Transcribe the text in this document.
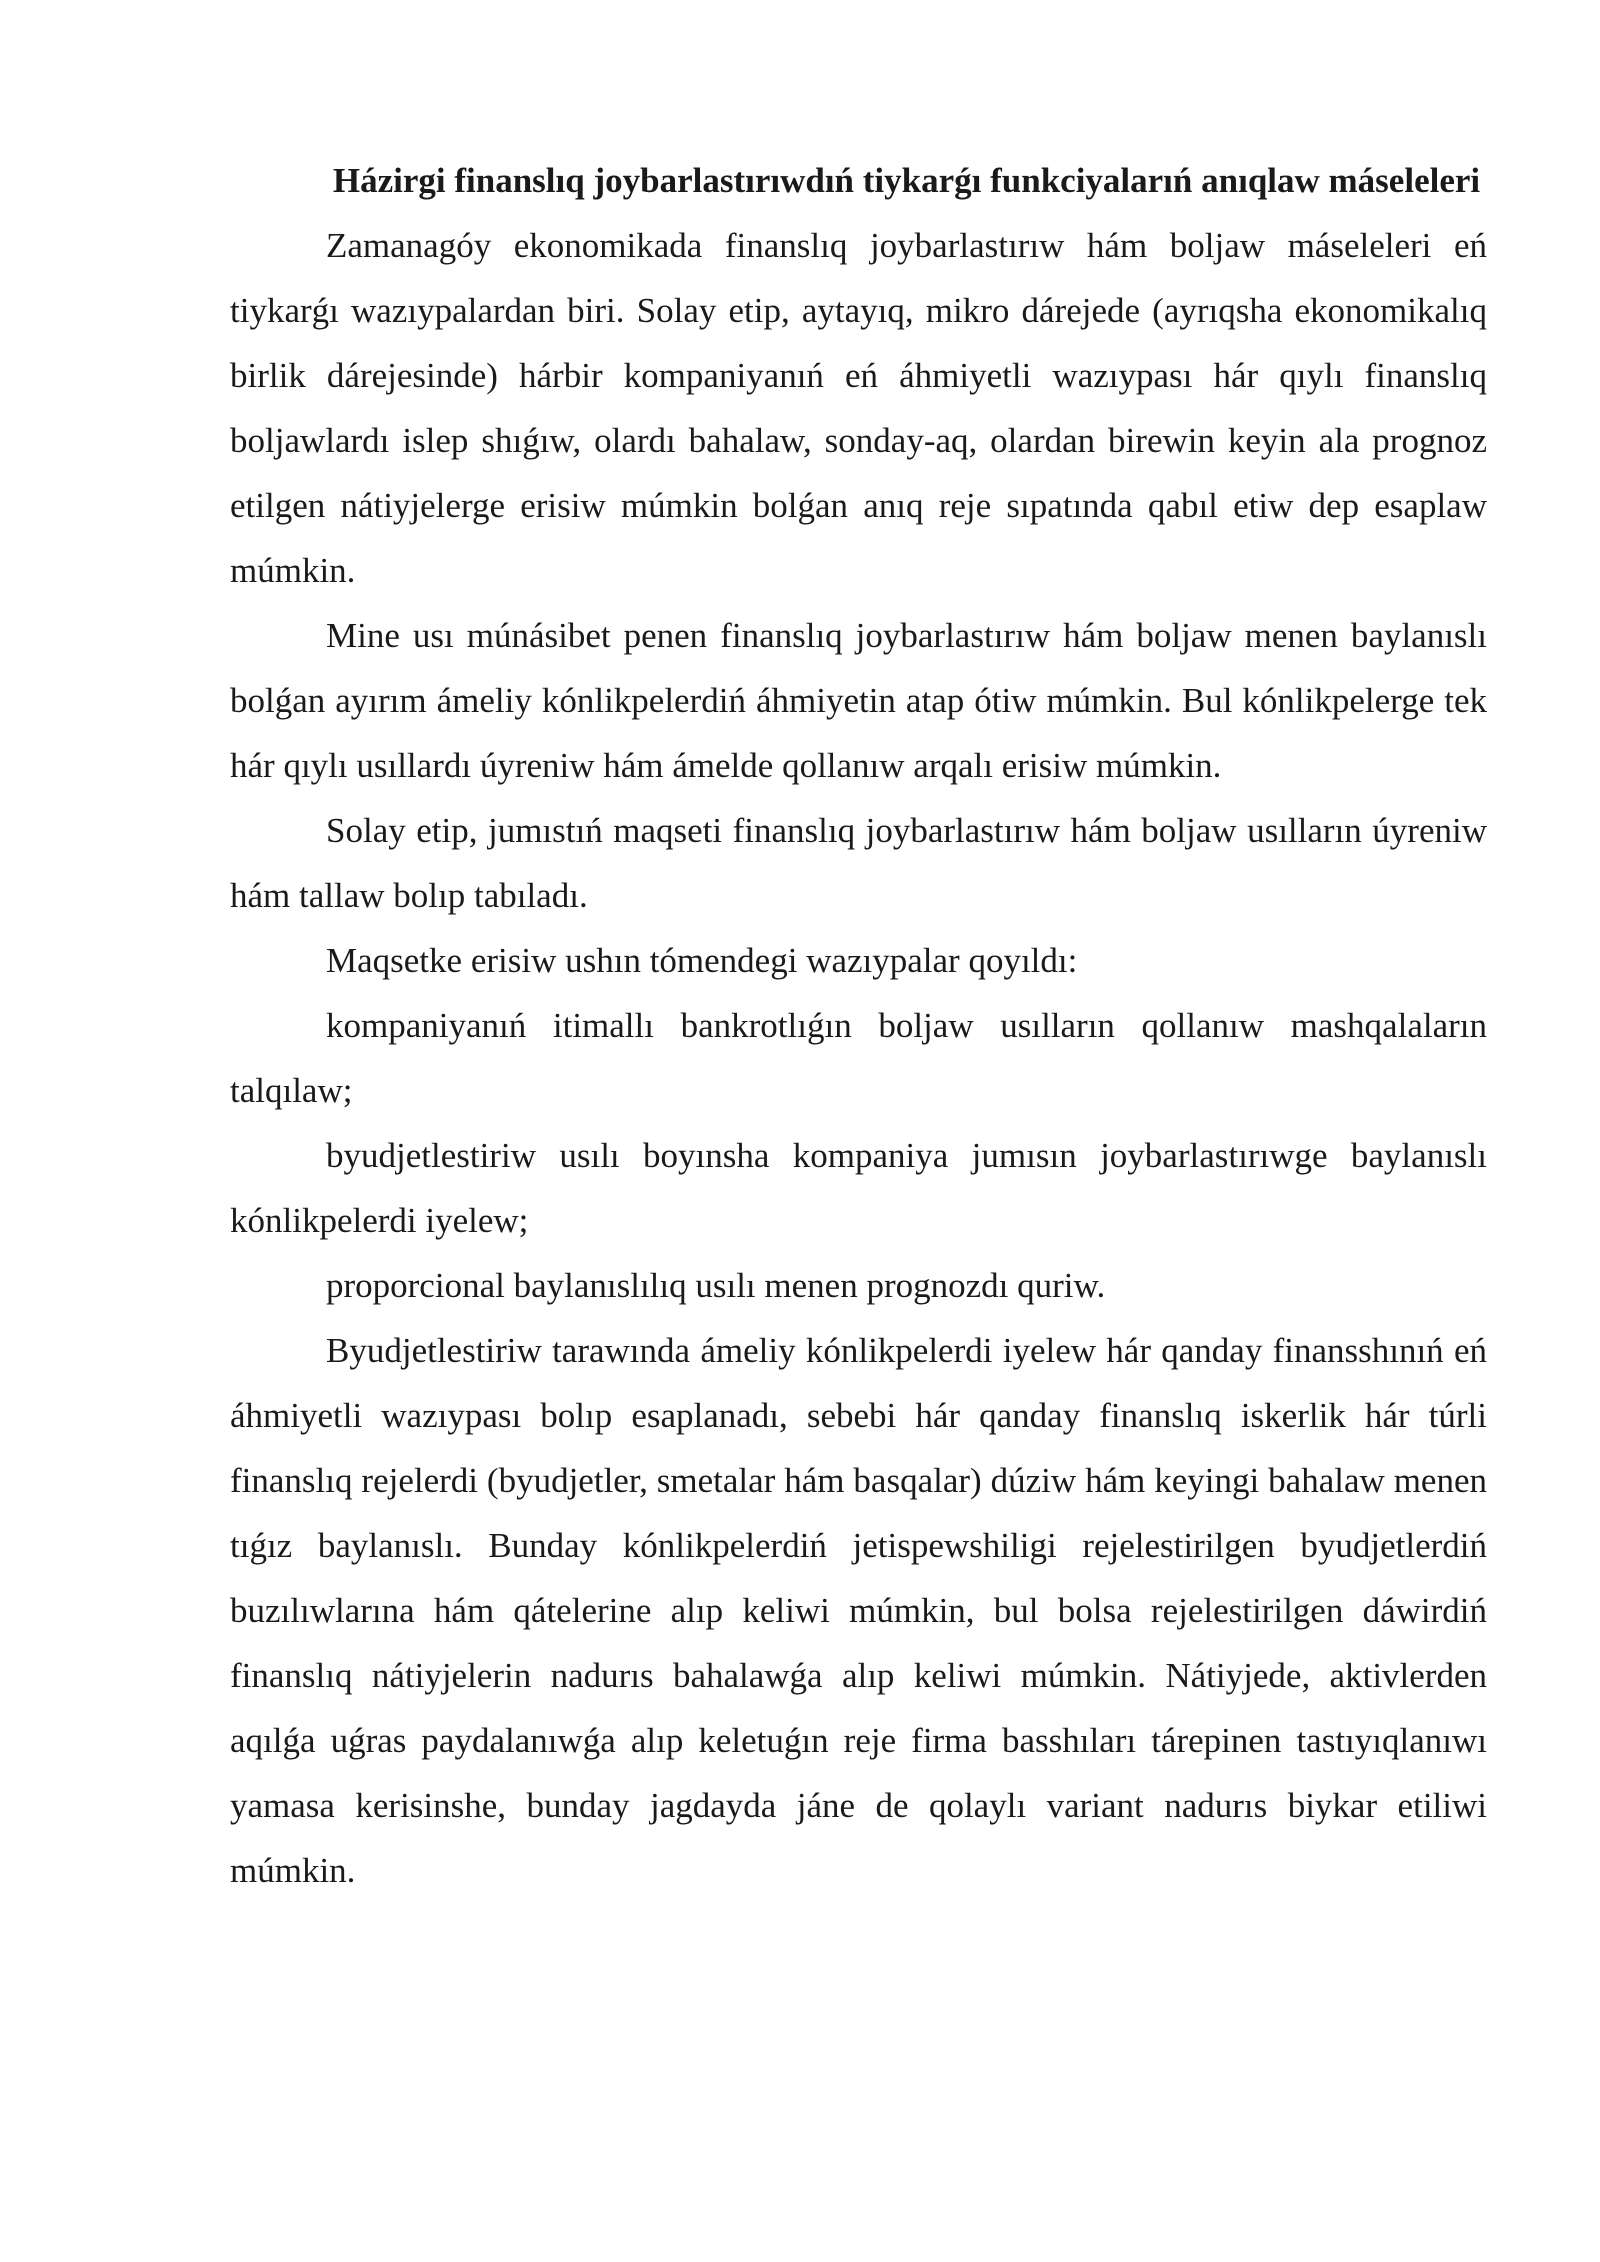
Házirgi finanslıq joybarlastırıwdıń tiykarǵı funkciyalarıń anıqlaw máseleleri

Zamanagóy ekonomikada finanslıq joybarlastırıw hám boljaw máseleleri eń tiykarǵı wazıypalardan biri. Solay etip, aytayıq, mikro dárejede (ayrıqsha ekonomikalıq birlik dárejesinde) hárbir kompaniyanıń eń áhmiyetli wazıypası hár qıylı finanslıq boljawlardı islep shıǵıw, olardı bahalaw, sonday-aq, olardan birewin keyin ala prognoz etilgen nátiyjelerge erisiw múmkin bolǵan anıq reje sıpatında qabıl etiw dep esaplaw múmkin.

Mine usı múnásibet penen finanslıq joybarlastırıw hám boljaw menen baylanıslı bolǵan ayırım ámeliy kónlikpelerdiń áhmiyetin atap ótiw múmkin. Bul kónlikpelerge tek hár qıylı usıllardı úyreniw hám ámelde qollanıw arqalı erisiw múmkin.

Solay etip, jumıstıń maqseti finanslıq joybarlastırıw hám boljaw usılların úyreniw hám tallaw bolıp tabıladı.

Maqsetke erisiw ushın tómendegi wazıypalar qoyıldı:

kompaniyanıń itimallı bankrotlıǵın boljaw usılların qollanıw mashqalaların talqılaw;

byudjetlestiriw usılı boyınsha kompaniya jumısın joybarlastırıwge baylanıslı kónlikpelerdi iyelew;

proporcional baylanıslılıq usılı menen prognozdı quriw.

Byudjetlestiriw tarawında ámeliy kónlikpelerdi iyelew hár qanday finansshınıń eń áhmiyetli wazıypası bolıp esaplanadı, sebebi hár qanday finanslıq iskerlik hár túrli finanslıq rejelerdi (byudjetler, smetalar hám basqalar) dúziw hám keyingi bahalaw menen tıǵız baylanıslı. Bunday kónlikpelerdiń jetispewshiligi rejelestirilgen byudjetlerdiń buzılıwlarına hám qátelerine alıp keliwi múmkin, bul bolsa rejelestirilgen dáwirdiń finanslıq nátiyjelerin nadurıs bahalawǵa alıp keliwi múmkin. Nátiyjede, aktivlerden aqılǵa uǵras paydalanıwǵa alıp keletuǵın reje firma basshıları tárepinen tastıyıqlanıwı yamasa kerisinshe, bunday jagdayda jáne de qolaylı variant nadurıs biykar etiliwi múmkin.
